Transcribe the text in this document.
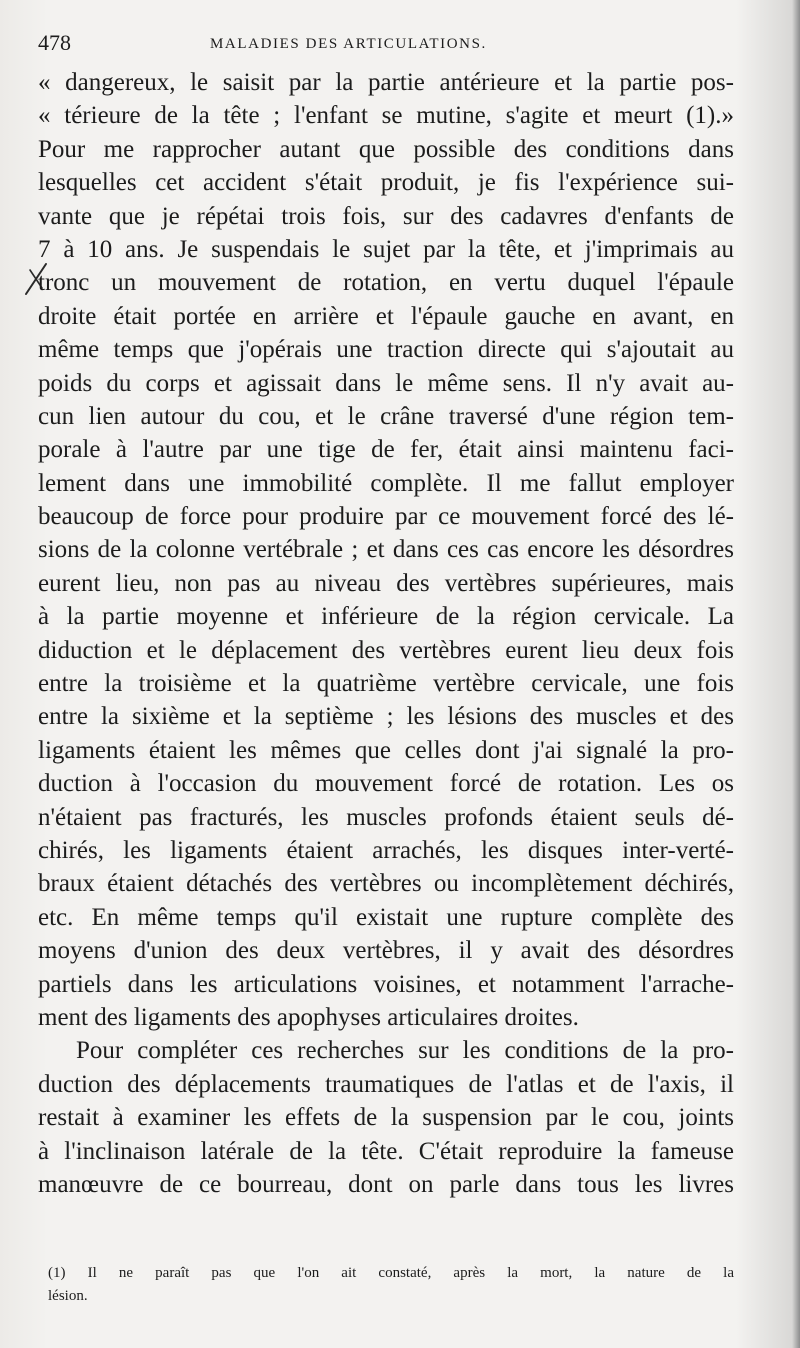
478	MALADIES DES ARTICULATIONS.
« dangereux, le saisit par la partie antérieure et la partie pos-
« térieure de la tête ; l'enfant se mutine, s'agite et meurt (1).»
Pour me rapprocher autant que possible des conditions dans
lesquelles cet accident s'était produit, je fis l'expérience sui-
vante que je répétai trois fois, sur des cadavres d'enfants de
7 à 10 ans. Je suspendais le sujet par la tête, et j'imprimais au
tronc un mouvement de rotation, en vertu duquel l'épaule
droite était portée en arrière et l'épaule gauche en avant, en
même temps que j'opérais une traction directe qui s'ajoutait au
poids du corps et agissait dans le même sens. Il n'y avait au-
cun lien autour du cou, et le crâne traversé d'une région tem-
porale à l'autre par une tige de fer, était ainsi maintenu faci-
lement dans une immobilité complète. Il me fallut employer
beaucoup de force pour produire par ce mouvement forcé des lé-
sions de la colonne vertébrale ; et dans ces cas encore les désordres
eurent lieu, non pas au niveau des vertèbres supérieures, mais
à la partie moyenne et inférieure de la région cervicale. La
diduction et le déplacement des vertèbres eurent lieu deux fois
entre la troisième et la quatrième vertèbre cervicale, une fois
entre la sixième et la septième ; les lésions des muscles et des
ligaments étaient les mêmes que celles dont j'ai signalé la pro-
duction à l'occasion du mouvement forcé de rotation. Les os
n'étaient pas fracturés, les muscles profonds étaient seuls dé-
chirés, les ligaments étaient arrachés, les disques inter-verté-
braux étaient détachés des vertèbres ou incomplètement déchirés,
etc. En même temps qu'il existait une rupture complète des
moyens d'union des deux vertèbres, il y avait des désordres
partiels dans les articulations voisines, et notamment l'arrache-
ment des ligaments des apophyses articulaires droites.
Pour compléter ces recherches sur les conditions de la pro-
duction des déplacements traumatiques de l'atlas et de l'axis, il
restait à examiner les effets de la suspension par le cou, joints
à l'inclinaison latérale de la tête. C'était reproduire la fameuse
manœuvre de ce bourreau, dont on parle dans tous les livres
(1) Il ne paraît pas que l'on ait constaté, après la mort, la nature de la
lésion.
